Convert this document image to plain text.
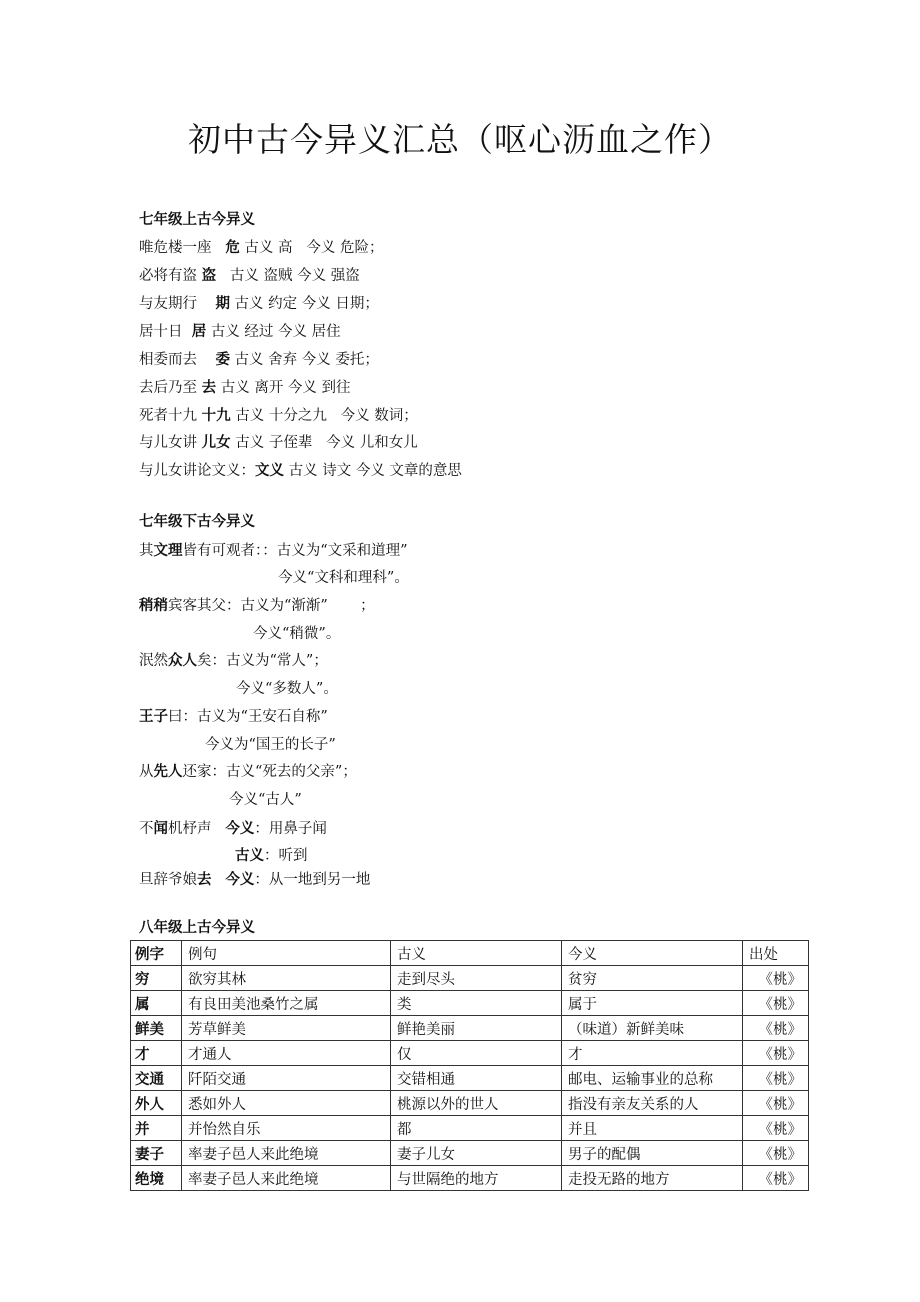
初中古今异义汇总（呕心沥血之作）
七年级上古今异义
七年级下古今异义
八年级上古今异义
例字	例句	古义	今义	出处
穷	欲穷其林	走到尽头	贫穷	《桃》
属	有良田美池桑竹之属	类	属于	《桃》
鲜美	芳草鲜美	鲜艳美丽	（味道）新鲜美味	《桃》
才	才通人	仅	才	《桃》
交通	阡陌交通	交错相通	邮电、运输事业的总称	《桃》
外人	悉如外人	桃源以外的世人	指没有亲友关系的人	《桃》
并	并怡然自乐	都	并且	《桃》
妻子	率妻子邑人来此绝境	妻子儿女	男子的配偶	《桃》
绝境	率妻子邑人来此绝境	与世隔绝的地方	走投无路的地方	《桃》
唯危楼一座   危 古义 高   今义 危险；
必将有盗 盗   古义 盗贼 今义 强盗
与友期行    期 古义 约定 今义 日期；
居十日  居 古义 经过 今义 居住
相委而去    委 古义 舍弃 今义 委托；
去后乃至 去 古义 离开 今义 到往
死者十九 十九 古义 十分之九   今义 数词；
与儿女讲 儿女 古义 子侄辈   今义 儿和女儿
与儿女讲论文义：文义 古义 诗文 今义 文章的意思
其文理皆有可观者：：古义为“文采和道理”
今义“文科和理科”。
稍稍宾客其父：古义为“渐渐”       ；
今义“稍微”。
泯然众人矣：古义为“常人”；
今义“多数人”。
王子曰：古义为“王安石自称”
今义为“国王的长子”
从先人还家：古义“死去的父亲”；
今义“古人”
不闻机杼声   今义：用鼻子闻
古义：听到
旦辞爷娘去 今义：从一地到另一地
